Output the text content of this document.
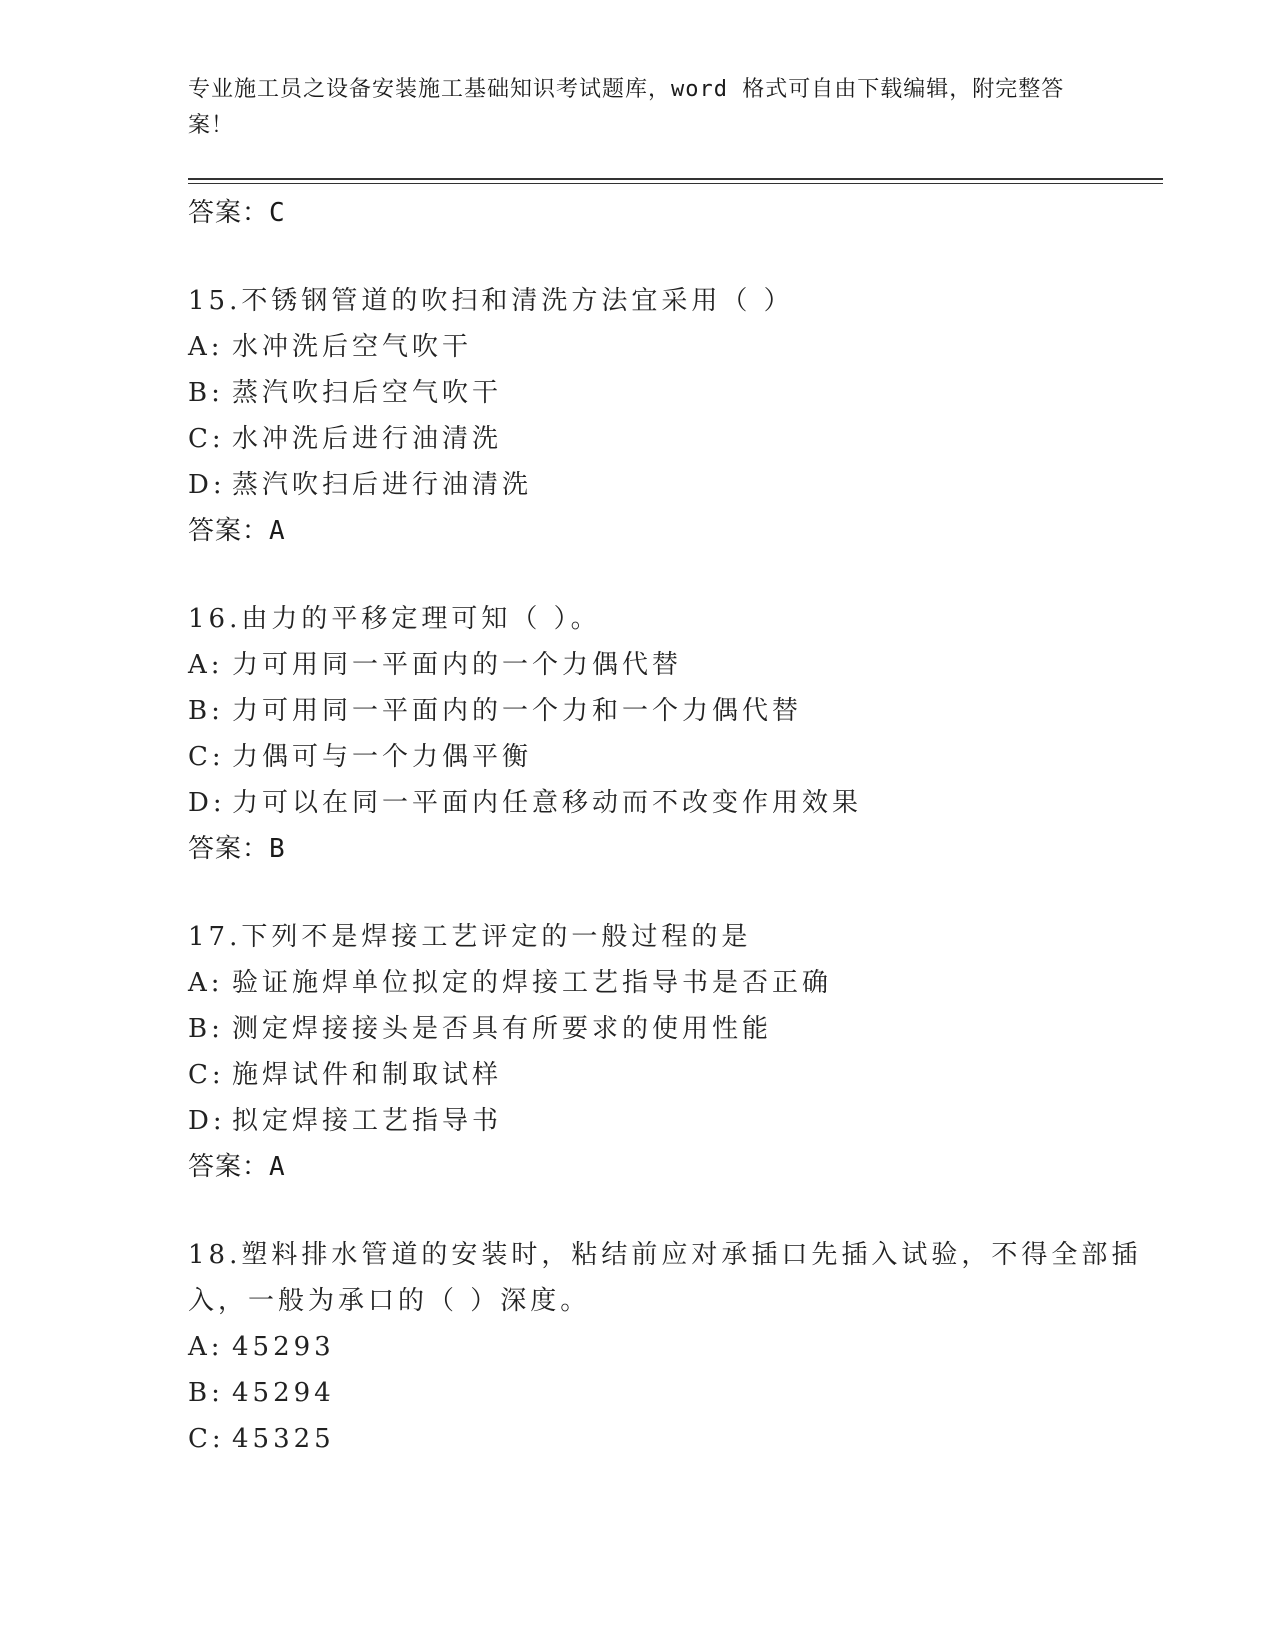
专业施工员之设备安装施工基础知识考试题库，word 格式可自由下载编辑，附完整答案！
答案：C
15.不锈钢管道的吹扫和清洗方法宜采用（ ）
A: 水冲洗后空气吹干
B: 蒸汽吹扫后空气吹干
C: 水冲洗后进行油清洗
D: 蒸汽吹扫后进行油清洗
答案：A
16.由力的平移定理可知（ ）。
A: 力可用同一平面内的一个力偶代替
B: 力可用同一平面内的一个力和一个力偶代替
C: 力偶可与一个力偶平衡
D: 力可以在同一平面内任意移动而不改变作用效果
答案：B
17.下列不是焊接工艺评定的一般过程的是
A: 验证施焊单位拟定的焊接工艺指导书是否正确
B: 测定焊接接头是否具有所要求的使用性能
C: 施焊试件和制取试样
D: 拟定焊接工艺指导书
答案：A
18.塑料排水管道的安装时，粘结前应对承插口先插入试验，不得全部插入，一般为承口的（ ）深度。
A: 45293
B: 45294
C: 45325
